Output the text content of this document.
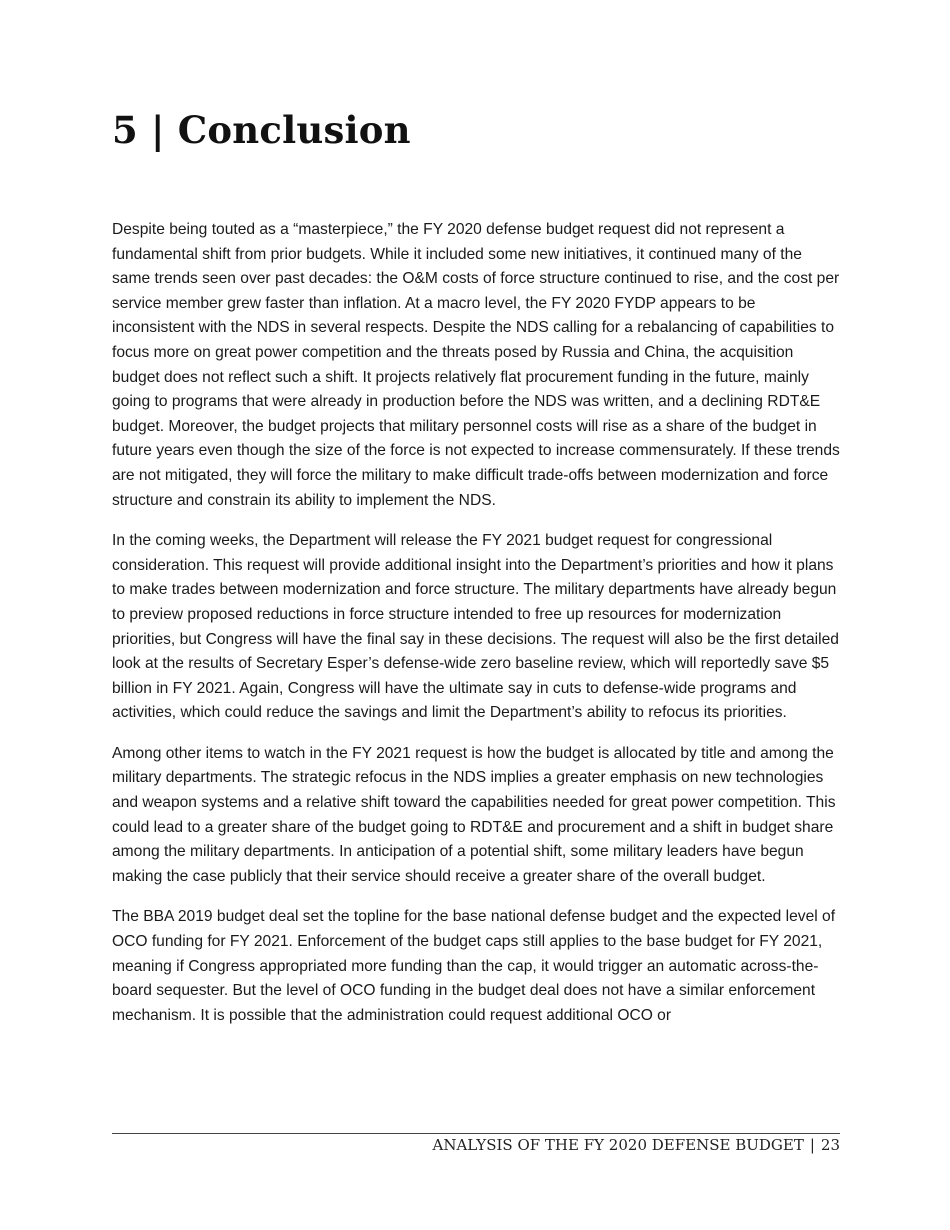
5 | Conclusion

Despite being touted as a “masterpiece,” the FY 2020 defense budget request did not represent a fundamental shift from prior budgets. While it included some new initiatives, it continued many of the same trends seen over past decades: the O&M costs of force structure continued to rise, and the cost per service member grew faster than inflation. At a macro level, the FY 2020 FYDP appears to be inconsistent with the NDS in several respects. Despite the NDS calling for a rebalancing of capabilities to focus more on great power competition and the threats posed by Russia and China, the acquisition budget does not reflect such a shift. It projects relatively flat procurement funding in the future, mainly going to programs that were already in production before the NDS was written, and a declining RDT&E budget. Moreover, the budget projects that military personnel costs will rise as a share of the budget in future years even though the size of the force is not expected to increase commensurately. If these trends are not mitigated, they will force the military to make difficult trade-offs between modernization and force structure and constrain its ability to implement the NDS.

In the coming weeks, the Department will release the FY 2021 budget request for congressional consideration. This request will provide additional insight into the Department’s priorities and how it plans to make trades between modernization and force structure. The military departments have already begun to preview proposed reductions in force structure intended to free up resources for modernization priorities, but Congress will have the final say in these decisions. The request will also be the first detailed look at the results of Secretary Esper’s defense-wide zero baseline review, which will reportedly save $5 billion in FY 2021. Again, Congress will have the ultimate say in cuts to defense-wide programs and activities, which could reduce the savings and limit the Department’s ability to refocus its priorities.

Among other items to watch in the FY 2021 request is how the budget is allocated by title and among the military departments. The strategic refocus in the NDS implies a greater emphasis on new technologies and weapon systems and a relative shift toward the capabilities needed for great power competition. This could lead to a greater share of the budget going to RDT&E and procurement and a shift in budget share among the military departments. In anticipation of a potential shift, some military leaders have begun making the case publicly that their service should receive a greater share of the overall budget.

The BBA 2019 budget deal set the topline for the base national defense budget and the expected level of OCO funding for FY 2021. Enforcement of the budget caps still applies to the base budget for FY 2021, meaning if Congress appropriated more funding than the cap, it would trigger an automatic across-the-board sequester. But the level of OCO funding in the budget deal does not have a similar enforcement mechanism. It is possible that the administration could request additional OCO or

ANALYSIS OF THE FY 2020 DEFENSE BUDGET | 23
